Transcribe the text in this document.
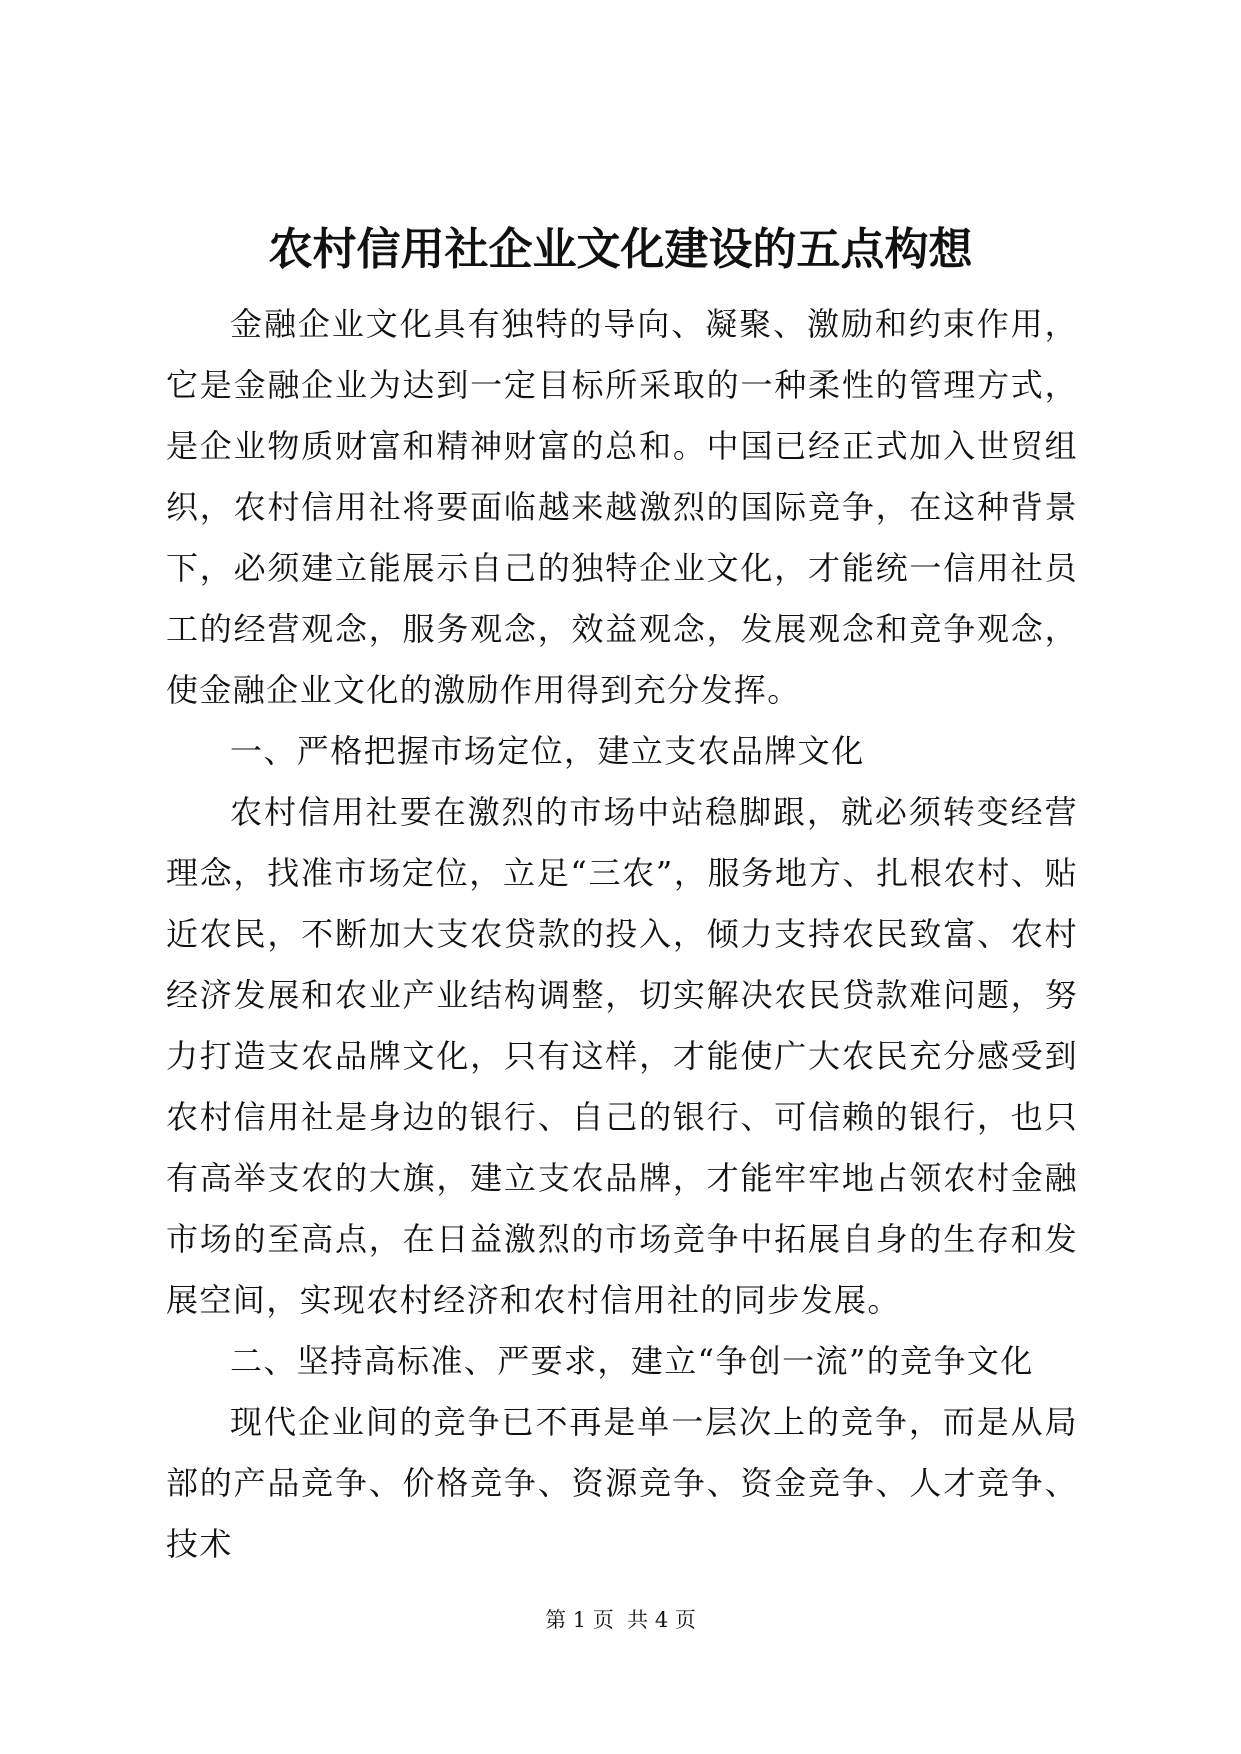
农村信用社企业文化建设的五点构想

金融企业文化具有独特的导向、凝聚、激励和约束作用，它是金融企业为达到一定目标所采取的一种柔性的管理方式，是企业物质财富和精神财富的总和。中国已经正式加入世贸组织，农村信用社将要面临越来越激烈的国际竞争，在这种背景下，必须建立能展示自己的独特企业文化，才能统一信用社员工的经营观念，服务观念，效益观念，发展观念和竞争观念，使金融企业文化的激励作用得到充分发挥。

一、严格把握市场定位，建立支农品牌文化

农村信用社要在激烈的市场中站稳脚跟，就必须转变经营理念，找准市场定位，立足“三农”，服务地方、扎根农村、贴近农民，不断加大支农贷款的投入，倾力支持农民致富、农村经济发展和农业产业结构调整，切实解决农民贷款难问题，努力打造支农品牌文化，只有这样，才能使广大农民充分感受到农村信用社是身边的银行、自己的银行、可信赖的银行，也只有高举支农的大旗，建立支农品牌，才能牢牢地占领农村金融市场的至高点，在日益激烈的市场竞争中拓展自身的生存和发展空间，实现农村经济和农村信用社的同步发展。

二、坚持高标准、严要求，建立“争创一流”的竞争文化

现代企业间的竞争已不再是单一层次上的竞争，而是从局部的产品竞争、价格竞争、资源竞争、资金竞争、人才竞争、技术

第 1 页  共 4 页
